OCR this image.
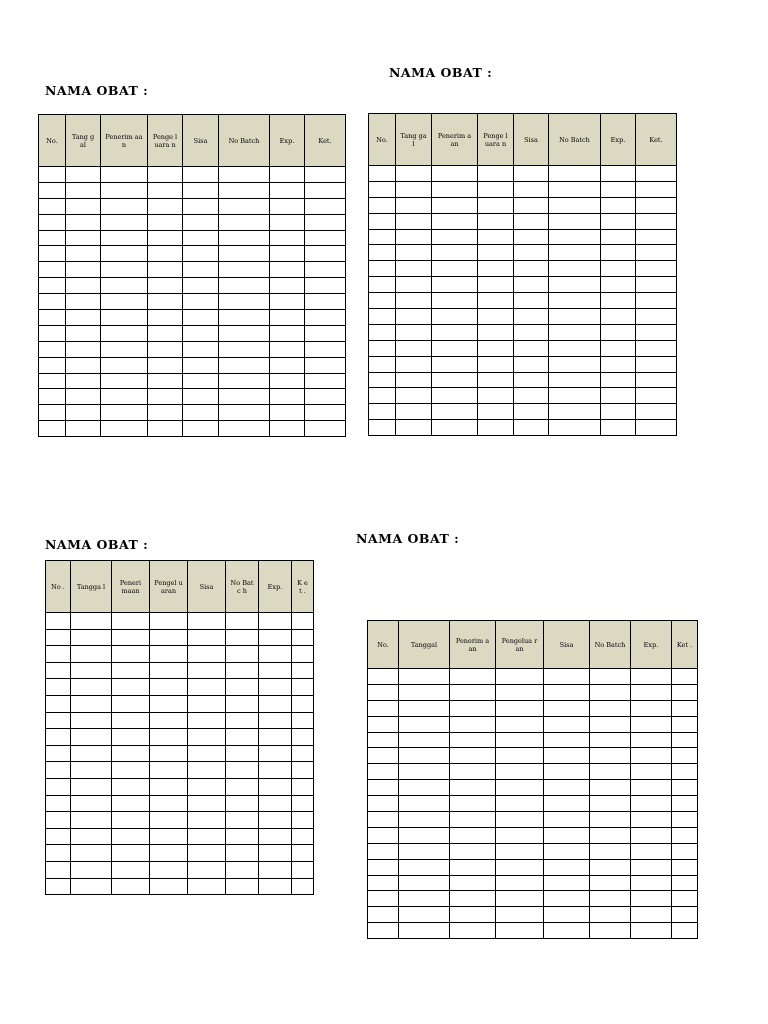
NAMA OBAT :
No.	Tang gal	Penerim aan	Penge luara n	Sisa	No Batch	Exp.	Ket.

NAMA OBAT :
No.	Tang gal	Penerim aan	Penge luara n	Sisa	No Batch	Exp.	Ket.

NAMA OBAT :
No .	Tangga l	Peneri maan	Pengel uaran	Sisa	No Batc h	Exp.	K et .

NAMA OBAT :
No.	Tanggal	Penerim aan	Pengelua ran	Sisa	No Batch	Exp.	Ket .
